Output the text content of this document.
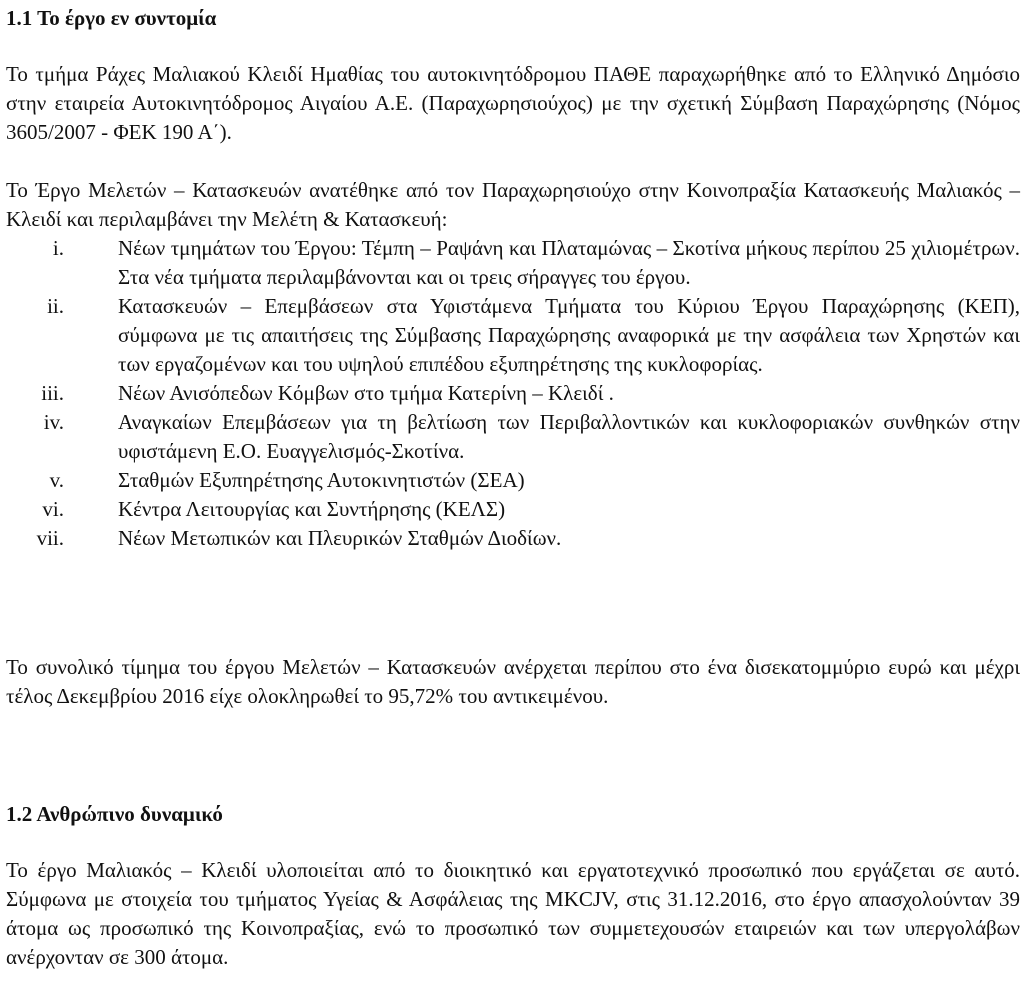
1.1 Το έργο εν συντομία

Το τμήμα Ράχες Μαλιακού Κλειδί Ημαθίας του αυτοκινητόδρομου ΠΑΘΕ παραχωρήθηκε από το Ελληνικό Δημόσιο στην εταιρεία Αυτοκινητόδρομος Αιγαίου Α.Ε. (Παραχωρησιούχος) με την σχετική Σύμβαση Παραχώρησης (Νόμος 3605/2007 - ΦΕΚ 190 Α΄).

Το Έργο Μελετών – Κατασκευών ανατέθηκε από τον Παραχωρησιούχο στην Κοινοπραξία Κατασκευής Μαλιακός – Κλειδί και περιλαμβάνει την Μελέτη & Κατασκευή:

i.	Νέων τμημάτων του Έργου: Τέμπη – Ραψάνη και Πλαταμώνας – Σκοτίνα μήκους περίπου 25 χιλιομέτρων. Στα νέα τμήματα περιλαμβάνονται και οι τρεις σήραγγες του έργου.
ii.	Κατασκευών – Επεμβάσεων στα Υφιστάμενα Τμήματα του Κύριου Έργου Παραχώρησης (ΚΕΠ), σύμφωνα με τις απαιτήσεις της Σύμβασης Παραχώρησης αναφορικά με την ασφάλεια των Χρηστών και των εργαζομένων και του υψηλού επιπέδου εξυπηρέτησης της κυκλοφορίας.
iii.	Νέων Ανισόπεδων Κόμβων στο τμήμα Κατερίνη – Κλειδί .
iv.	Αναγκαίων Επεμβάσεων για τη βελτίωση των Περιβαλλοντικών και κυκλοφοριακών συνθηκών στην υφιστάμενη Ε.Ο. Ευαγγελισμός-Σκοτίνα.
v.	Σταθμών Εξυπηρέτησης Αυτοκινητιστών (ΣΕΑ)
vi.	Κέντρα Λειτουργίας και Συντήρησης (ΚΕΛΣ)
vii.	Νέων Μετωπικών και Πλευρικών Σταθμών Διοδίων.

Το συνολικό τίμημα του έργου Μελετών – Κατασκευών ανέρχεται περίπου στο ένα δισεκατομμύριο ευρώ και μέχρι τέλος Δεκεμβρίου 2016 είχε ολοκληρωθεί το 95,72% του αντικειμένου.

1.2 Ανθρώπινο δυναμικό

Το έργο Μαλιακός – Κλειδί υλοποιείται από το διοικητικό και εργατοτεχνικό προσωπικό που εργάζεται σε αυτό. Σύμφωνα με στοιχεία του τμήματος Υγείας & Ασφάλειας της MKCJV, στις 31.12.2016, στο έργο απασχολούνταν 39 άτομα ως προσωπικό της Κοινοπραξίας, ενώ το προσωπικό των συμμετεχουσών εταιρειών και των υπεργολάβων ανέρχονταν σε 300 άτομα.
